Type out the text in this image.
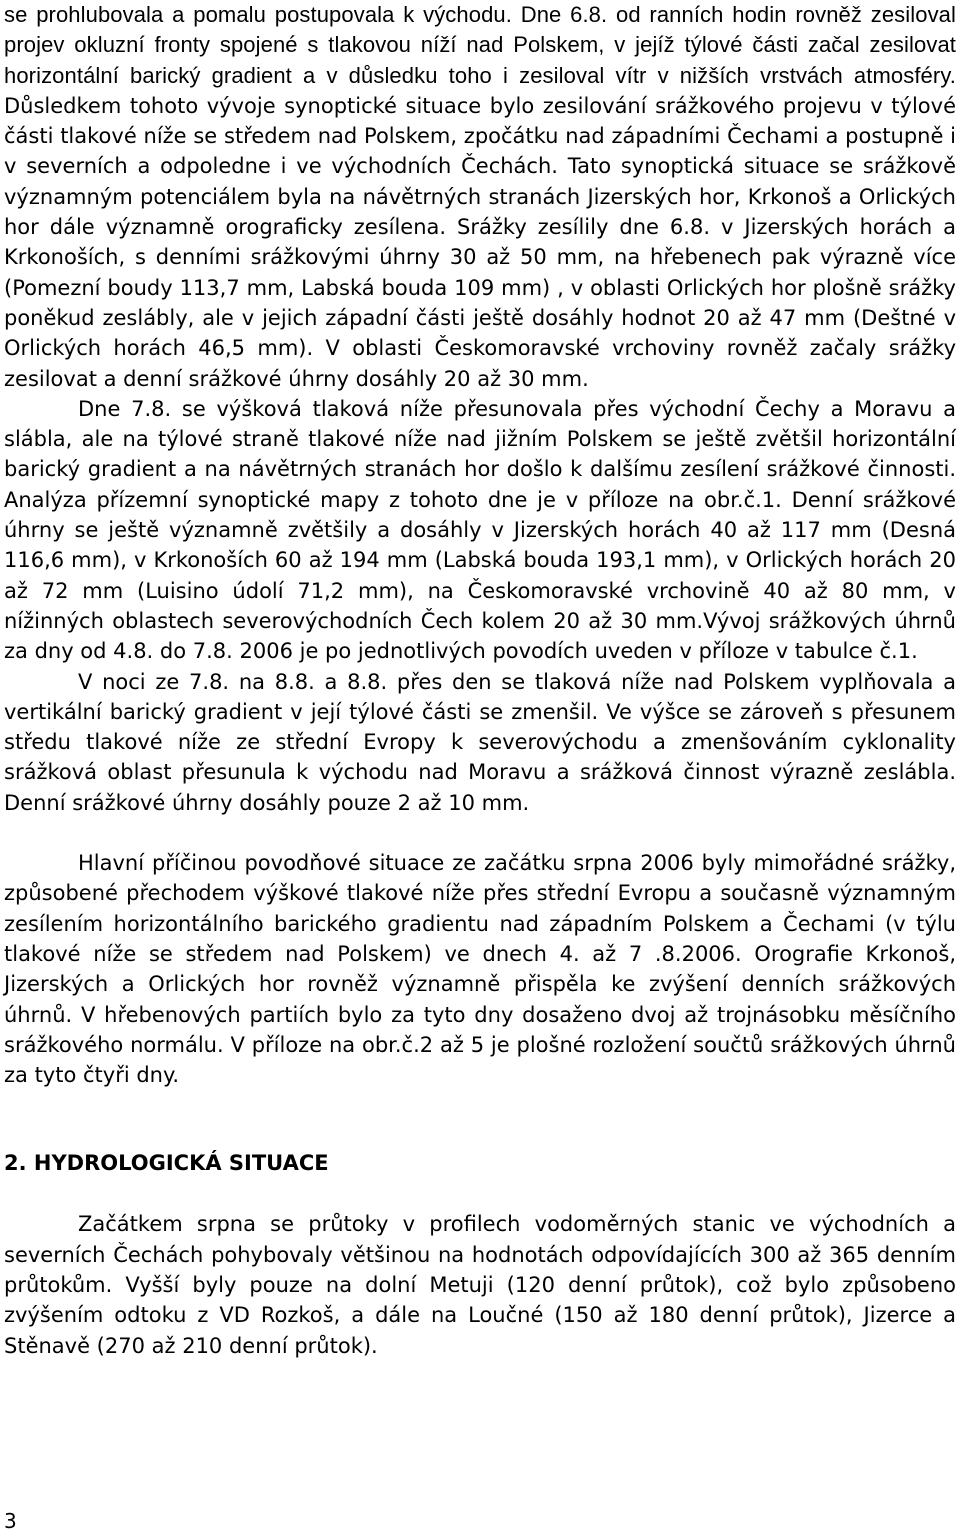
se prohlubovala a pomalu postupovala k východu. Dne 6.8. od ranních hodin rovněž zesiloval projev okluzní fronty spojené s tlakovou níží nad Polskem, v jejíž týlové části začal zesilovat horizontální barický gradient a v důsledku toho i zesiloval vítr v nižších vrstvách atmosféry. Důsledkem tohoto vývoje synoptické situace bylo zesilování srážkového projevu v týlové části tlakové níže se středem nad Polskem, zpočátku nad západními Čechami a postupně i v severních a odpoledne i ve východních Čechách. Tato synoptická situace se srážkově významným potenciálem byla na návětrných stranách Jizerských hor, Krkonoš a Orlických hor dále významně orograficky zesílena. Srážky zesílily dne 6.8. v Jizerských horách a Krkonoších, s denními srážkovými úhrny 30 až 50 mm, na hřebenech pak výrazně více (Pomezní boudy 113,7 mm, Labská bouda 109 mm) , v oblasti Orlických hor plošně srážky poněkud zeslábly, ale v jejich západní části ještě dosáhly hodnot 20 až 47 mm (Deštné v Orlických horách 46,5 mm). V oblasti Českomoravské vrchoviny rovněž začaly srážky zesilovat a denní srážkové úhrny dosáhly 20 až 30 mm.

Dne 7.8. se výšková tlaková níže přesunovala přes východní Čechy a Moravu a slábla, ale na týlové straně tlakové níže nad jižním Polskem se ještě zvětšil horizontální barický gradient a na návětrných stranách hor došlo k dalšímu zesílení srážkové činnosti. Analýza přízemní synoptické mapy z tohoto dne je v příloze na obr.č.1. Denní srážkové úhrny se ještě významně zvětšily a dosáhly v Jizerských horách 40 až 117 mm (Desná 116,6 mm), v Krkonoších 60 až 194 mm (Labská bouda 193,1 mm), v Orlických horách 20 až 72 mm (Luisino údolí 71,2 mm), na Českomoravské vrchovině 40 až 80 mm, v nížinných oblastech severovýchodních Čech kolem 20 až 30 mm.Vývoj srážkových úhrnů za dny od 4.8. do 7.8. 2006 je po jednotlivých povodích uveden v příloze v tabulce č.1.

V noci ze 7.8. na 8.8. a 8.8. přes den se tlaková níže nad Polskem vyplňovala a vertikální barický gradient v její týlové části se zmenšil. Ve výšce se zároveň s přesunem středu tlakové níže ze střední Evropy k severovýchodu a zmenšováním cyklonality srážková oblast přesunula k východu nad Moravu a srážková činnost výrazně zeslábla. Denní srážkové úhrny dosáhly pouze 2 až 10 mm.

Hlavní příčinou povodňové situace ze začátku srpna 2006 byly mimořádné srážky, způsobené přechodem výškové tlakové níže přes střední Evropu a současně významným zesílením horizontálního barického gradientu nad západním Polskem a Čechami (v týlu tlakové níže se středem nad Polskem) ve dnech 4. až 7 .8.2006. Orografie Krkonoš, Jizerských a Orlických hor rovněž významně přispěla ke zvýšení denních srážkových úhrnů. V hřebenových partiích bylo za tyto dny dosaženo dvoj až trojnásobku měsíčního srážkového normálu. V příloze na obr.č.2 až 5 je plošné rozložení součtů srážkových úhrnů za tyto čtyři dny.

2. HYDROLOGICKÁ SITUACE

Začátkem srpna se průtoky v profilech vodoměrných stanic ve východních a severních Čechách pohybovaly většinou na hodnotách odpovídajících 300 až 365 denním průtokům. Vyšší byly pouze na dolní Metuji (120 denní průtok), což bylo způsobeno zvýšením odtoku z VD Rozkoš, a dále na Loučné (150 až 180 denní průtok), Jizerce a Stěnavě (270 až 210 denní průtok).

3
